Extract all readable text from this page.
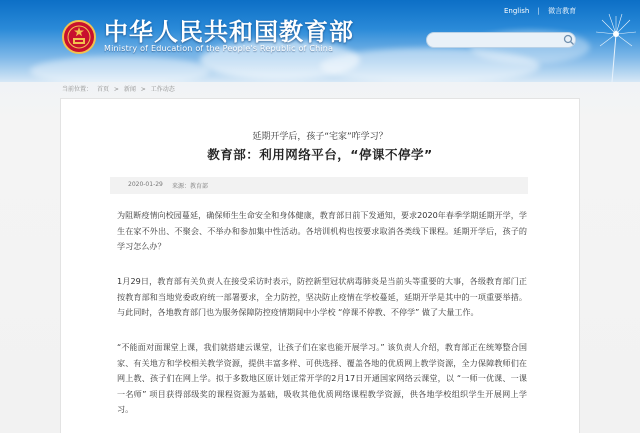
中华人民共和国教育部
Ministry of Education of the People's Republic of China
English | 微言教育
当前位置： 首页 > 新闻 > 工作动态
延期开学后，孩子“宅家”咋学习？
教育部：利用网络平台，“停课不停学”
2020-01-29 来源：教育部

为阻断疫情向校园蔓延，确保师生生命安全和身体健康，教育部日前下发通知，要求2020年春季学期延期开学，学生在家不外出、不聚会、不举办和参加集中性活动。各培训机构也按要求取消各类线下课程。延期开学后，孩子的学习怎么办？

1月29日，教育部有关负责人在接受采访时表示，防控新型冠状病毒肺炎是当前头等重要的大事，各级教育部门正按教育部和当地党委政府统一部署要求，全力防控，坚决防止疫情在学校蔓延，延期开学是其中的一项重要举措。与此同时，各地教育部门也为服务保障防控疫情期间中小学校 “停课不停教、不停学” 做了大量工作。

“不能面对面课堂上课，我们就搭建云课堂，让孩子们在家也能开展学习。” 该负责人介绍，教育部正在统筹整合国家、有关地方和学校相关教学资源，提供丰富多样、可供选择、覆盖各地的优质网上教学资源，全力保障教师们在网上教、孩子们在网上学。拟于多数地区原计划正常开学的2月17日开通国家网络云课堂，以 “一师一优课、一课一名师” 项目获得部级奖的课程资源为基础，吸收其他优质网络课程教学资源，供各地学校组织学生开展网上学习。
